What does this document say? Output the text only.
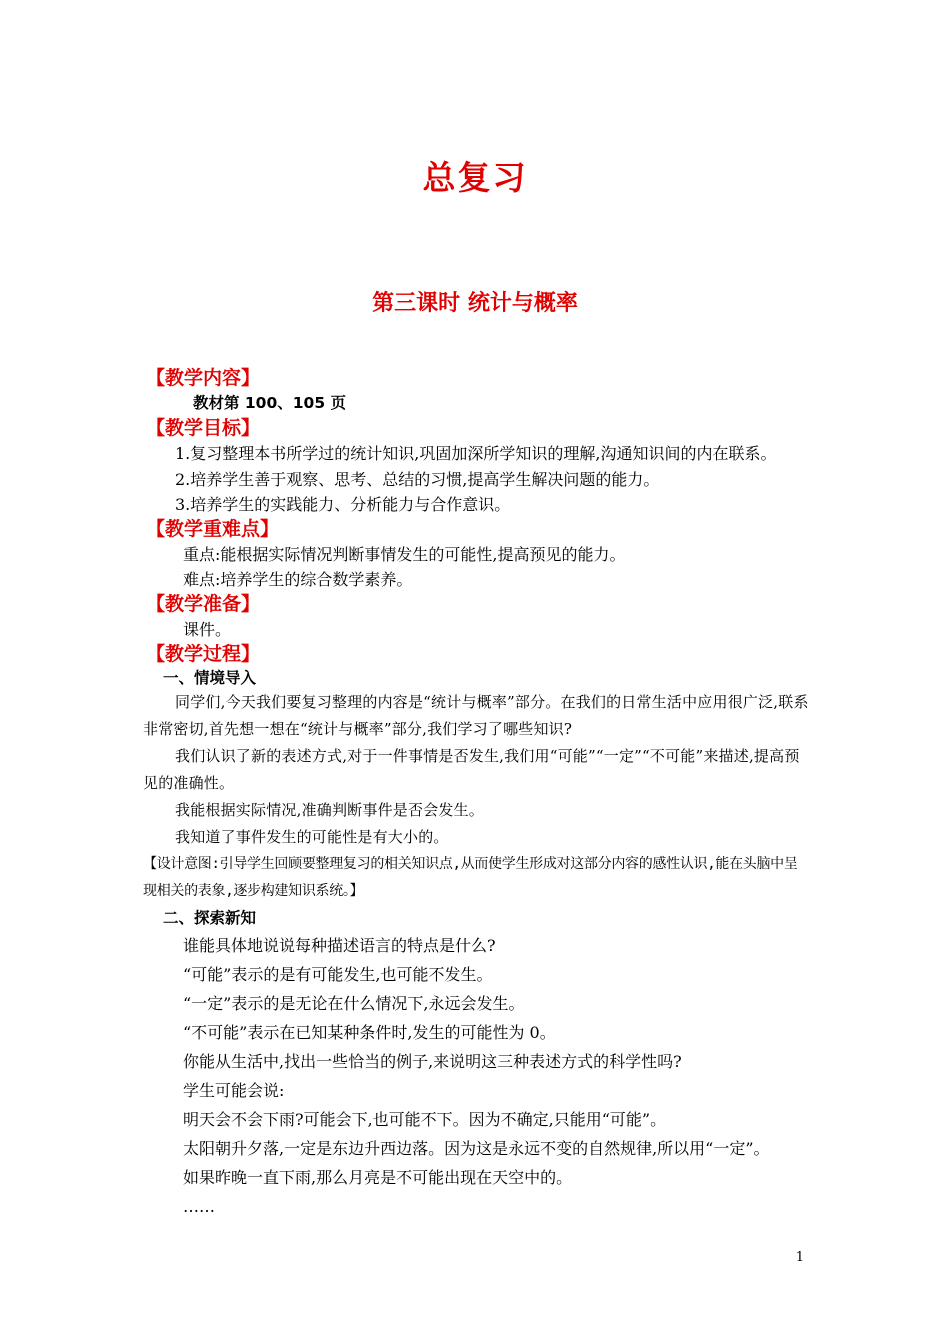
总复习
第三课时 统计与概率
【教学内容】
教材第 100、105 页
【教学目标】
1.复习整理本书所学过的统计知识,巩固加深所学知识的理解,沟通知识间的内在联系。
2.培养学生善于观察、思考、总结的习惯,提高学生解决问题的能力。
3.培养学生的实践能力、分析能力与合作意识。
【教学重难点】
重点:能根据实际情况判断事情发生的可能性,提高预见的能力。
难点:培养学生的综合数学素养。
【教学准备】
课件。
【教学过程】
一、情境导入
同学们,今天我们要复习整理的内容是“统计与概率”部分。在我们的日常生活中应用很广泛,联系非常密切,首先想一想在“统计与概率”部分,我们学习了哪些知识?
我们认识了新的表述方式,对于一件事情是否发生,我们用“可能”“一定”“不可能”来描述,提高预见的准确性。
我能根据实际情况,准确判断事件是否会发生。
我知道了事件发生的可能性是有大小的。
【设计意图:引导学生回顾要整理复习的相关知识点,从而使学生形成对这部分内容的感性认识,能在头脑中呈现相关的表象,逐步构建知识系统。】
二、探索新知
谁能具体地说说每种描述语言的特点是什么?
“可能”表示的是有可能发生,也可能不发生。
“一定”表示的是无论在什么情况下,永远会发生。
“不可能”表示在已知某种条件时,发生的可能性为 0。
你能从生活中,找出一些恰当的例子,来说明这三种表述方式的科学性吗?
学生可能会说:
明天会不会下雨?可能会下,也可能不下。因为不确定,只能用“可能”。
太阳朝升夕落,一定是东边升西边落。因为这是永远不变的自然规律,所以用“一定”。
如果昨晚一直下雨,那么月亮是不可能出现在天空中的。
……
1
